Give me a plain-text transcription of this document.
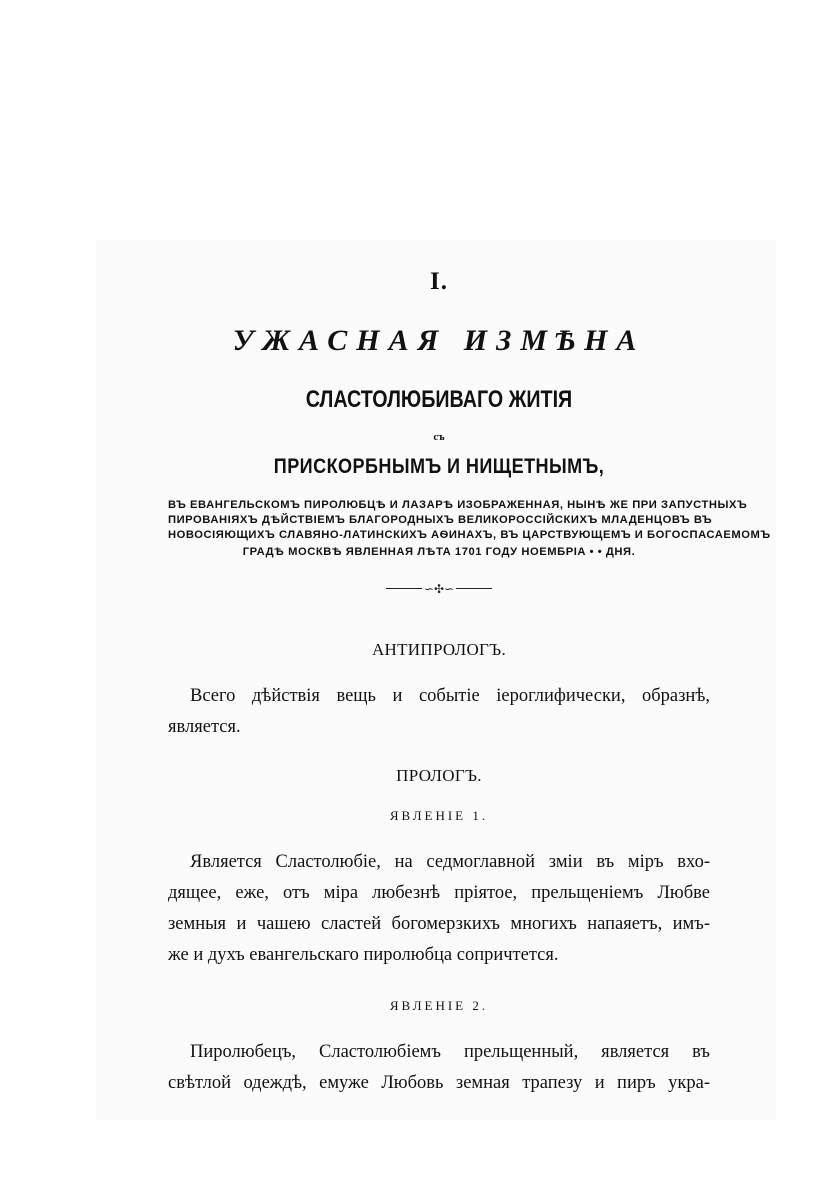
I.
УЖАСНАЯ ИЗМѢНА
СЛАСТОЛЮБИВАГО ЖИТІЯ
съ
ПРИСКОРБНЫМЪ И НИЩЕТНЫМЪ,
ВЪ ЕВАНГЕЛЬСКОМЪ ПИРОЛЮБЦѢ И ЛАЗАРѢ ИЗОБРАЖЕННАЯ, НЫНѢ ЖЕ ПРИ ЗАПУСТНЫХЪ
ПИРОВАНІЯХЪ ДѢЙСТВІЕМЪ БЛАГОРОДНЫХЪ ВЕЛИКОРОССІЙСКИХЪ МЛАДЕНЦОВЪ ВЪ
НОВОСІЯЮЩИХЪ СЛАВЯНО-ЛАТИНСКИХЪ АѲИНАХЪ, ВЪ ЦАРСТВУЮЩЕМЪ И БОГОСПАСАЕМОМЪ
ГРАДѢ МОСКВѢ ЯВЛЕННАЯ ЛѢТА 1701 ГОДУ НОЕМБРІА • • ДНЯ.
∽✣∽
АНТИПРОЛОГЪ.
Всего дѣйствія вещь и событіе іероглифически, образнѣ,
является.
ПРОЛОГЪ.
ЯВЛЕНІЕ 1.
Является Сластолюбіе, на седмоглавной зміи въ міръ вхо-
дящее, еже, отъ міра любезнѣ пріятое, прельщеніемъ Любве
земныя и чашею сластей богомерзкихъ многихъ напаяетъ, имъ-
же и духъ евангельскаго пиролюбца сопричтется.
ЯВЛЕНІЕ 2.
Пиролюбецъ, Сластолюбіемъ прельщенный, является въ
свѣтлой одеждѣ, емуже Любовь земная трапезу и пиръ укра-
